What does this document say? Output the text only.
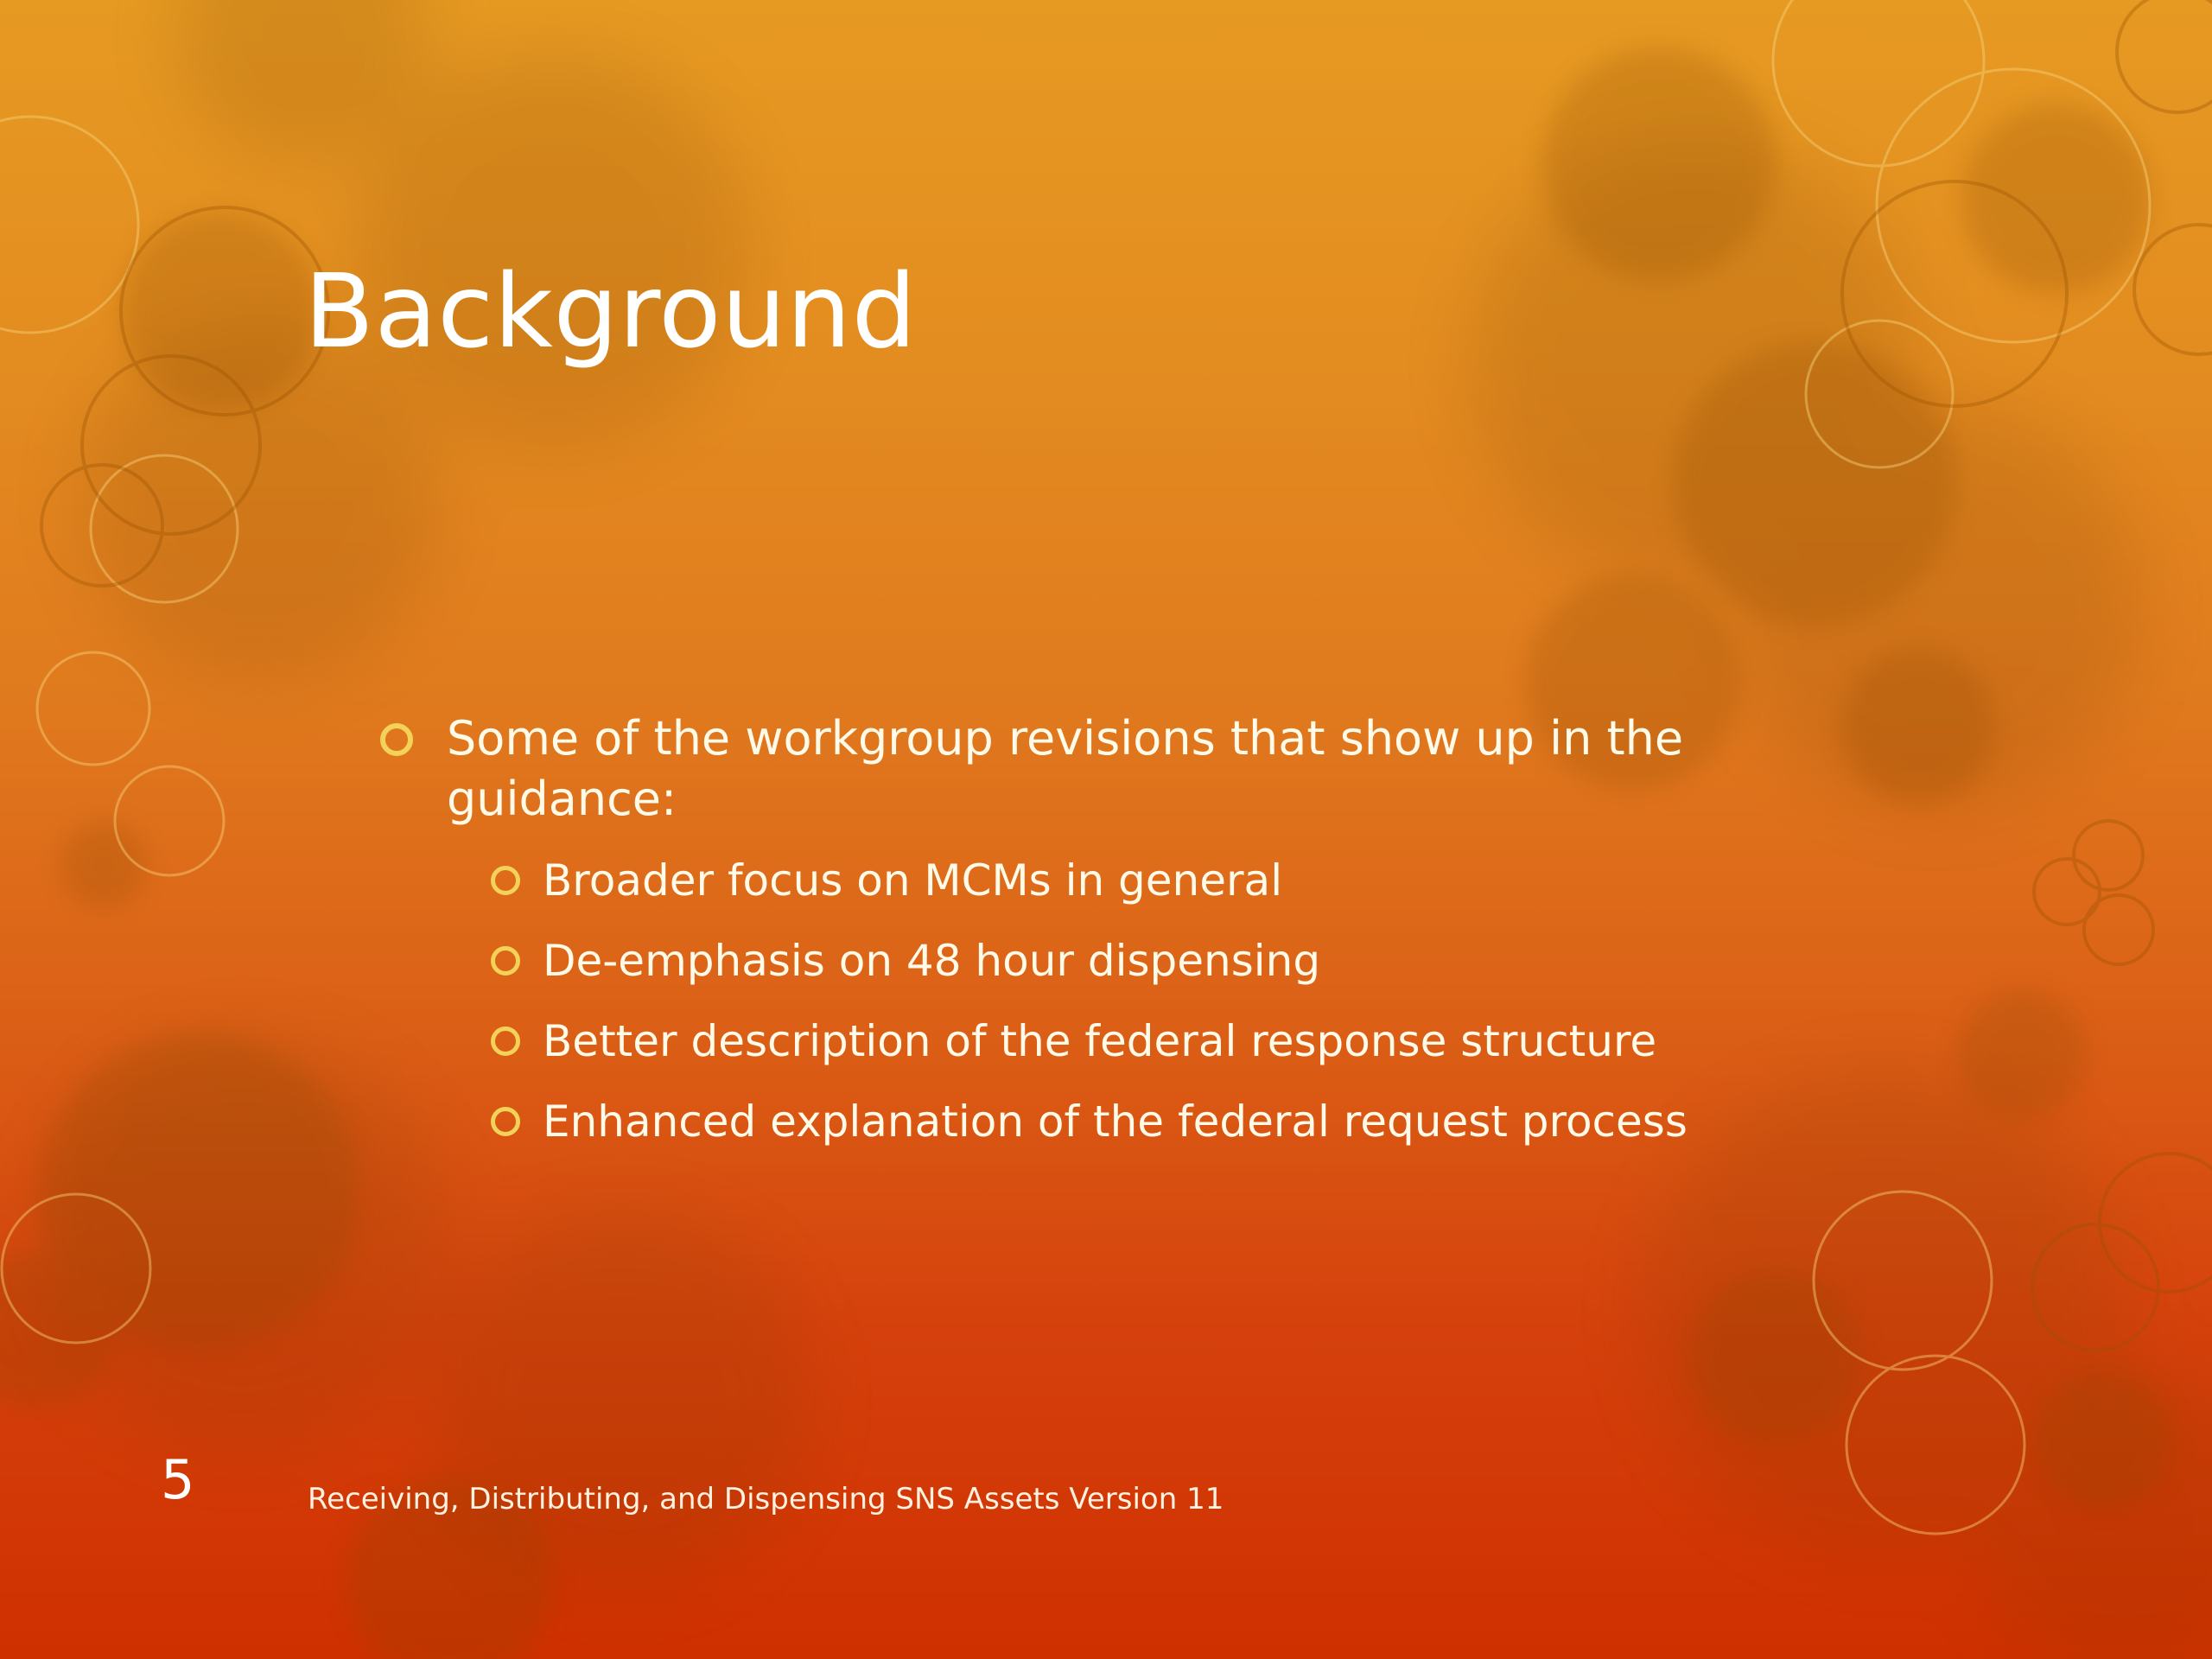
Background
Some of the workgroup revisions that show up in the guidance:
Broader focus on MCMs in general
De-emphasis on 48 hour dispensing
Better description of the federal response structure
Enhanced explanation of the federal request process
5	Receiving, Distributing, and Dispensing SNS Assets Version 11
